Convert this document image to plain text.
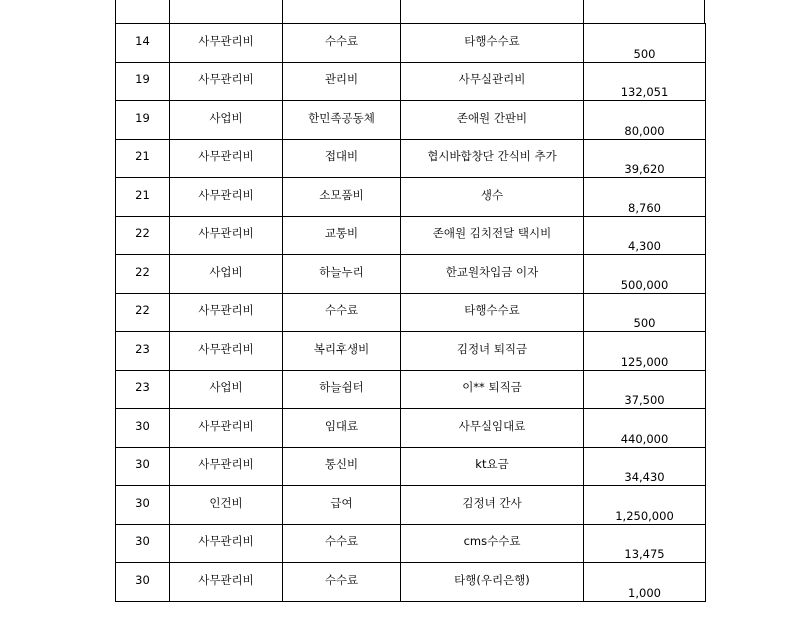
14	사무관리비	수수료	타행수수료	500
19	사무관리비	관리비	사무실관리비	132,051
19	사업비	한민족공동체	존애원 간판비	80,000
21	사무관리비	접대비	협시바합창단 간식비 추가	39,620
21	사무관리비	소모품비	생수	8,760
22	사무관리비	교통비	존애원 김치전달 택시비	4,300
22	사업비	하늘누리	한교원차입금 이자	500,000
22	사무관리비	수수료	타행수수료	500
23	사무관리비	복리후생비	김정녀 퇴직금	125,000
23	사업비	하늘쉼터	이** 퇴직금	37,500
30	사무관리비	임대료	사무실임대료	440,000
30	사무관리비	통신비	kt요금	34,430
30	인건비	급여	김정녀 간사	1,250,000
30	사무관리비	수수료	cms수수료	13,475
30	사무관리비	수수료	타행(우리은행)	1,000
